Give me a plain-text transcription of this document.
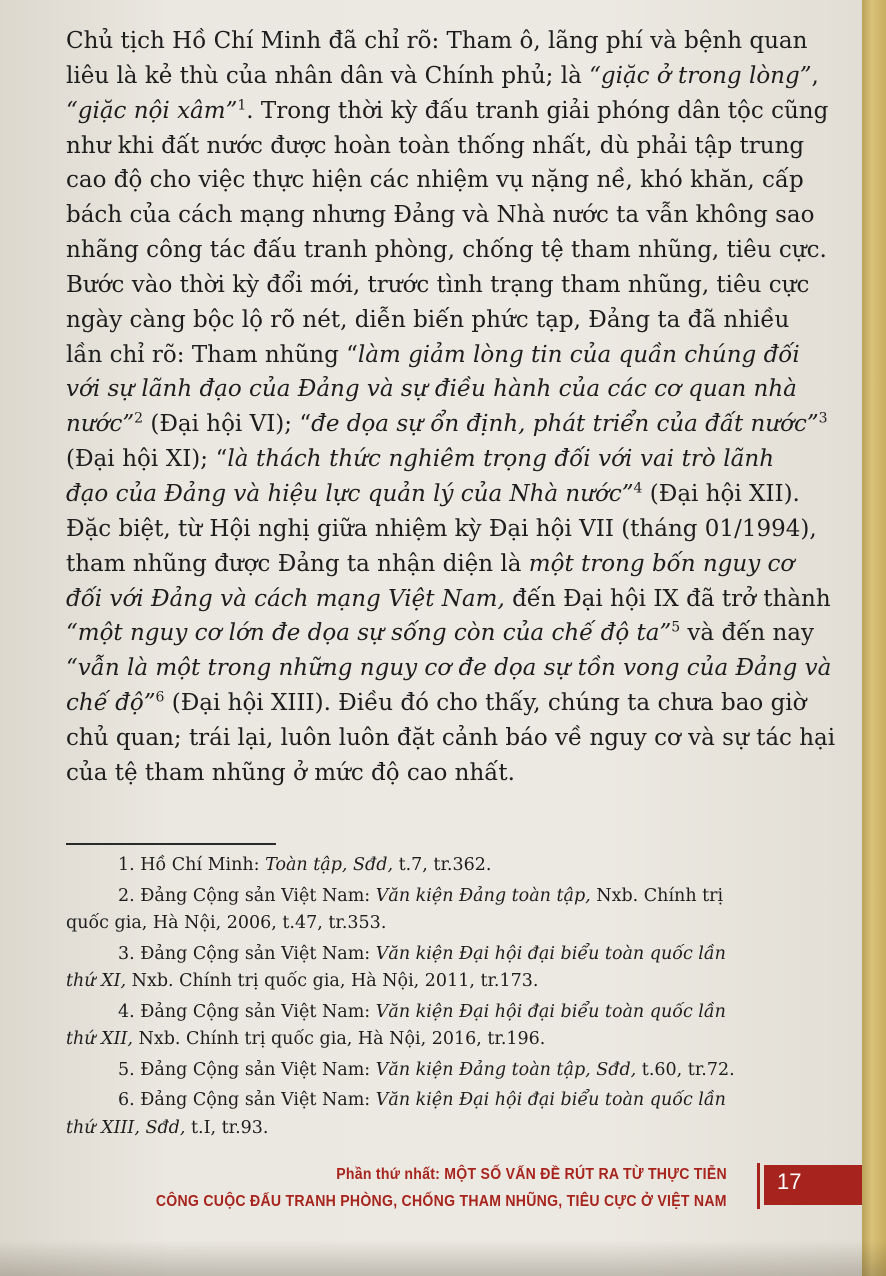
Chủ tịch Hồ Chí Minh đã chỉ rõ: Tham ô, lãng phí và bệnh quan
liêu là kẻ thù của nhân dân và Chính phủ; là “giặc ở trong lòng”,
“giặc nội xâm”$^1$. Trong thời kỳ đấu tranh giải phóng dân tộc cũng
như khi đất nước được hoàn toàn thống nhất, dù phải tập trung
cao độ cho việc thực hiện các nhiệm vụ nặng nề, khó khăn, cấp
bách của cách mạng nhưng Đảng và Nhà nước ta vẫn không sao
nhãng công tác đấu tranh phòng, chống tệ tham nhũng, tiêu cực.
Bước vào thời kỳ đổi mới, trước tình trạng tham nhũng, tiêu cực
ngày càng bộc lộ rõ nét, diễn biến phức tạp, Đảng ta đã nhiều
lần chỉ rõ: Tham nhũng “làm giảm lòng tin của quần chúng đối
với sự lãnh đạo của Đảng và sự điều hành của các cơ quan nhà
nước”$^2$ (Đại hội VI); “đe dọa sự ổn định, phát triển của đất nước”$^3$
(Đại hội XI); “là thách thức nghiêm trọng đối với vai trò lãnh
đạo của Đảng và hiệu lực quản lý của Nhà nước”$^4$ (Đại hội XII).
Đặc biệt, từ Hội nghị giữa nhiệm kỳ Đại hội VII (tháng 01/1994),
tham nhũng được Đảng ta nhận diện là một trong bốn nguy cơ
đối với Đảng và cách mạng Việt Nam, đến Đại hội IX đã trở thành
“một nguy cơ lớn đe dọa sự sống còn của chế độ ta”$^5$ và đến nay
“vẫn là một trong những nguy cơ đe dọa sự tồn vong của Đảng và
chế độ”$^6$ (Đại hội XIII). Điều đó cho thấy, chúng ta chưa bao giờ
chủ quan; trái lại, luôn luôn đặt cảnh báo về nguy cơ và sự tác hại
của tệ tham nhũng ở mức độ cao nhất.
1. Hồ Chí Minh: Toàn tập, Sđd, t.7, tr.362.
2. Đảng Cộng sản Việt Nam: Văn kiện Đảng toàn tập, Nxb. Chính trị
quốc gia, Hà Nội, 2006, t.47, tr.353.
3. Đảng Cộng sản Việt Nam: Văn kiện Đại hội đại biểu toàn quốc lần
thứ XI, Nxb. Chính trị quốc gia, Hà Nội, 2011, tr.173.
4. Đảng Cộng sản Việt Nam: Văn kiện Đại hội đại biểu toàn quốc lần
thứ XII, Nxb. Chính trị quốc gia, Hà Nội, 2016, tr.196.
5. Đảng Cộng sản Việt Nam: Văn kiện Đảng toàn tập, Sđd, t.60, tr.72.
6. Đảng Cộng sản Việt Nam: Văn kiện Đại hội đại biểu toàn quốc lần
thứ XIII, Sđd, t.I, tr.93.
Phần thứ nhất: MỘT SỐ VẤN ĐỀ RÚT RA TỪ THỰC TIỄN
CÔNG CUỘC ĐẤU TRANH PHÒNG, CHỐNG THAM NHŨNG, TIÊU CỰC Ở VIỆT NAM
17
